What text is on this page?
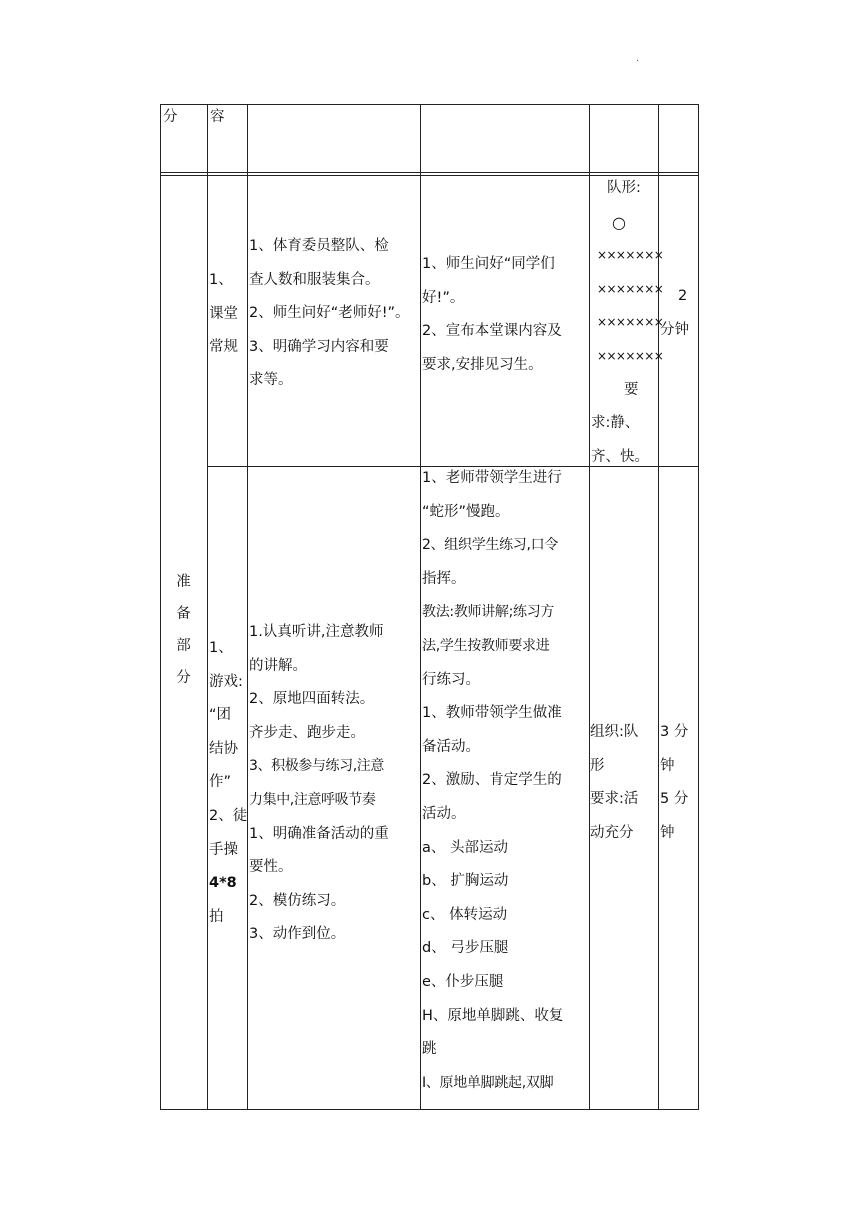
·
分 容
准
备
部
分
1、
课堂
常规
1、体育委员整队、检
查人数和服装集合。
2、师生问好“老师好!”。
3、明确学习内容和要
求等。
1、师生问好“同学们
好!”。
2、宣布本堂课内容及
要求,安排见习生。
队形:
○
×××××××
×××××××
×××××××
×××××××
要
求:静、
齐、快。
2
分钟
1、
游戏:
“团
结协
作”
2、徒
手操
4*8
拍
1.认真听讲,注意教师
的讲解。
2、原地四面转法。
齐步走、跑步走。
3、积极参与练习,注意
力集中,注意呼吸节奏
1、明确准备活动的重
要性。
2、模仿练习。
3、动作到位。
1、老师带领学生进行
“蛇形”慢跑。
2、组织学生练习,口令
指挥。
教法:教师讲解;练习方
法,学生按教师要求进
行练习。
1、教师带领学生做准
备活动。
2、激励、肯定学生的
活动。
a、 头部运动
b、 扩胸运动
c、 体转运动
d、 弓步压腿
e、仆步压腿
H、原地单脚跳、收复
跳
I、原地单脚跳起,双脚
组织:队
形
要求:活
动充分
3 分
钟
5 分
钟
